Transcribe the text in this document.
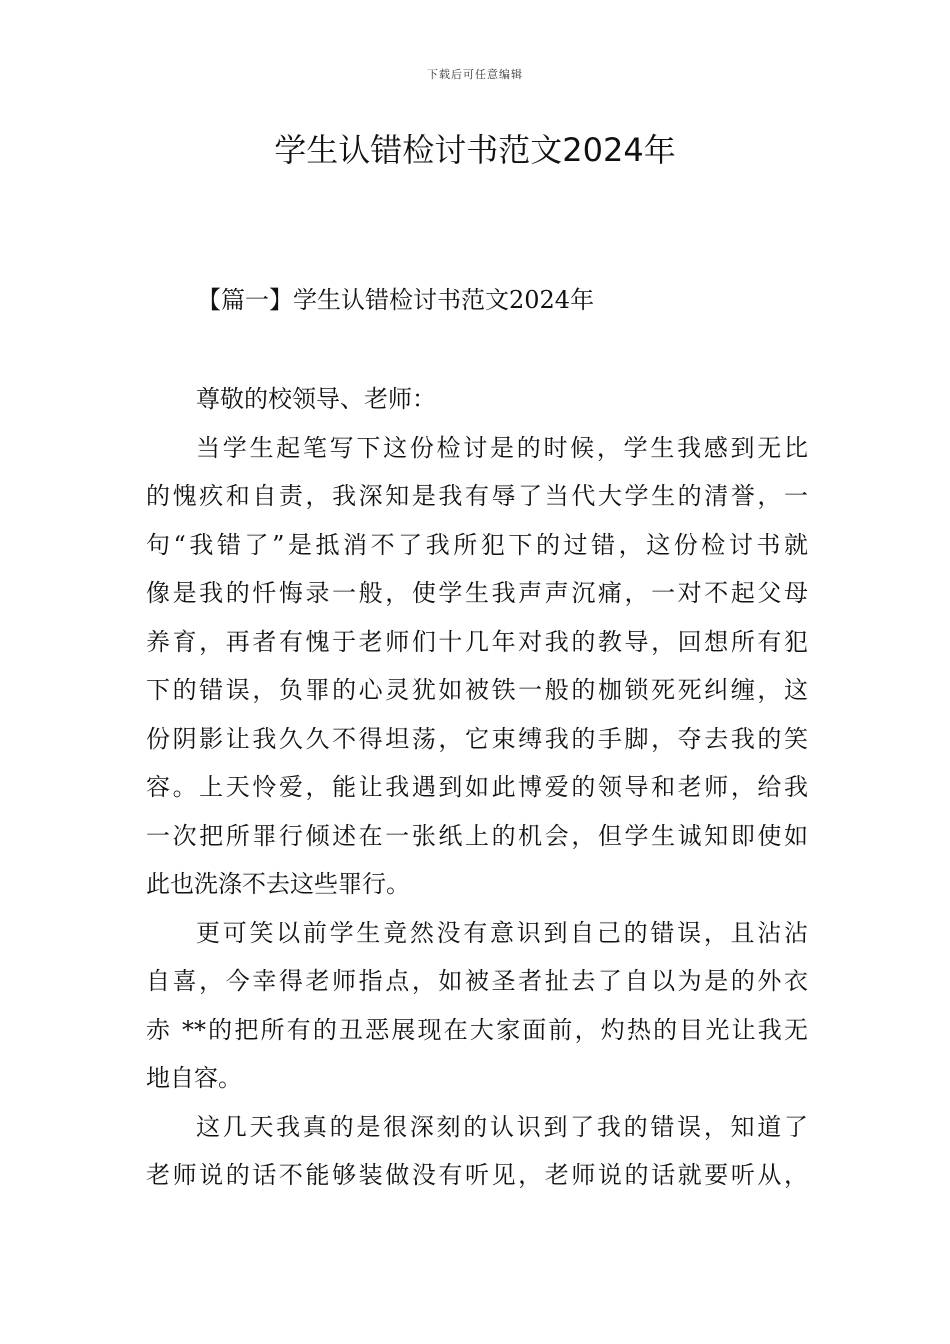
下载后可任意编辑
学生认错检讨书范文2024年
【篇一】学生认错检讨书范文2024年
尊敬的校领导、老师：
当学生起笔写下这份检讨是的时候，学生我感到无比
的愧疚和自责，我深知是我有辱了当代大学生的清誉，一
句“我错了”是抵消不了我所犯下的过错，这份检讨书就
像是我的忏悔录一般，使学生我声声沉痛，一对不起父母
养育，再者有愧于老师们十几年对我的教导，回想所有犯
下的错误，负罪的心灵犹如被铁一般的枷锁死死纠缠，这
份阴影让我久久不得坦荡，它束缚我的手脚，夺去我的笑
容。上天怜爱，能让我遇到如此博爱的领导和老师，给我
一次把所罪行倾述在一张纸上的机会，但学生诚知即使如
此也洗涤不去这些罪行。
更可笑以前学生竟然没有意识到自己的错误，且沾沾
自喜，今幸得老师指点，如被圣者扯去了自以为是的外衣
赤 **的把所有的丑恶展现在大家面前，灼热的目光让我无
地自容。
这几天我真的是很深刻的认识到了我的错误，知道了
老师说的话不能够装做没有听见，老师说的话就要听从，
